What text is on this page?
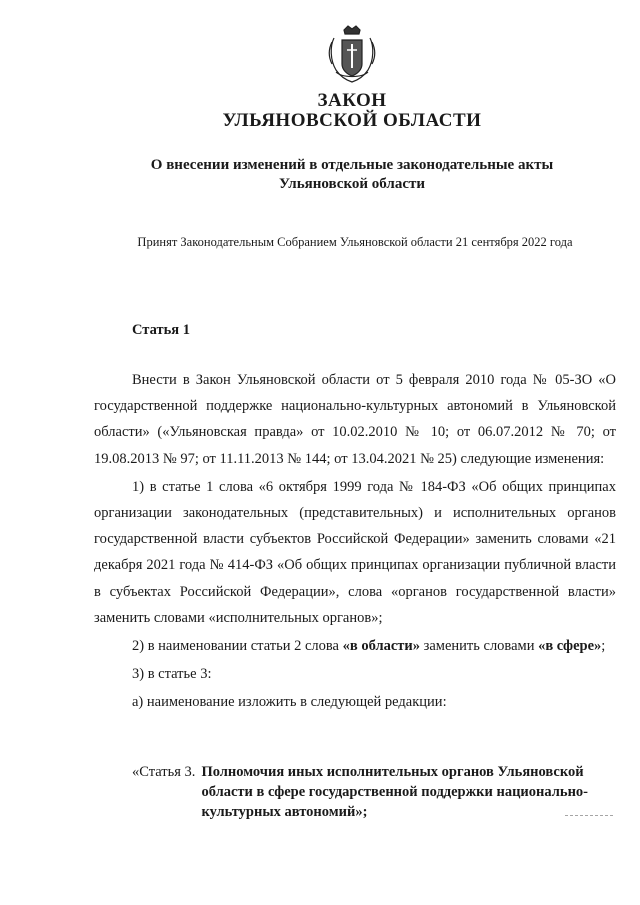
ЗАКОН
УЛЬЯНОВСКОЙ ОБЛАСТИ
О внесении изменений в отдельные законодательные акты
Ульяновской области
Принят Законодательным Собранием Ульяновской области 21 сентября 2022 года
Статья 1

Внести в Закон Ульяновской области от 5 февраля 2010 года № 05-ЗО «О государственной поддержке национально-культурных автономий в Ульяновской области» («Ульяновская правда» от 10.02.2010 № 10; от 06.07.2012 № 70; от 19.08.2013 № 97; от 11.11.2013 № 144; от 13.04.2021 № 25) следующие изменения:

1) в статье 1 слова «6 октября 1999 года № 184-ФЗ «Об общих принципах организации законодательных (представительных) и исполнительных органов государственной власти субъектов Российской Федерации» заменить словами «21 декабря 2021 года № 414-ФЗ «Об общих принципах организации публичной власти в субъектах Российской Федерации», слова «органов государственной власти» заменить словами «исполнительных органов»;

2) в наименовании статьи 2 слова «в области» заменить словами «в сфере»;

3) в статье 3:

а) наименование изложить в следующей редакции:

«Статья 3. Полномочия иных исполнительных органов Ульяновской области в сфере государственной поддержки национально-культурных автономий»;
